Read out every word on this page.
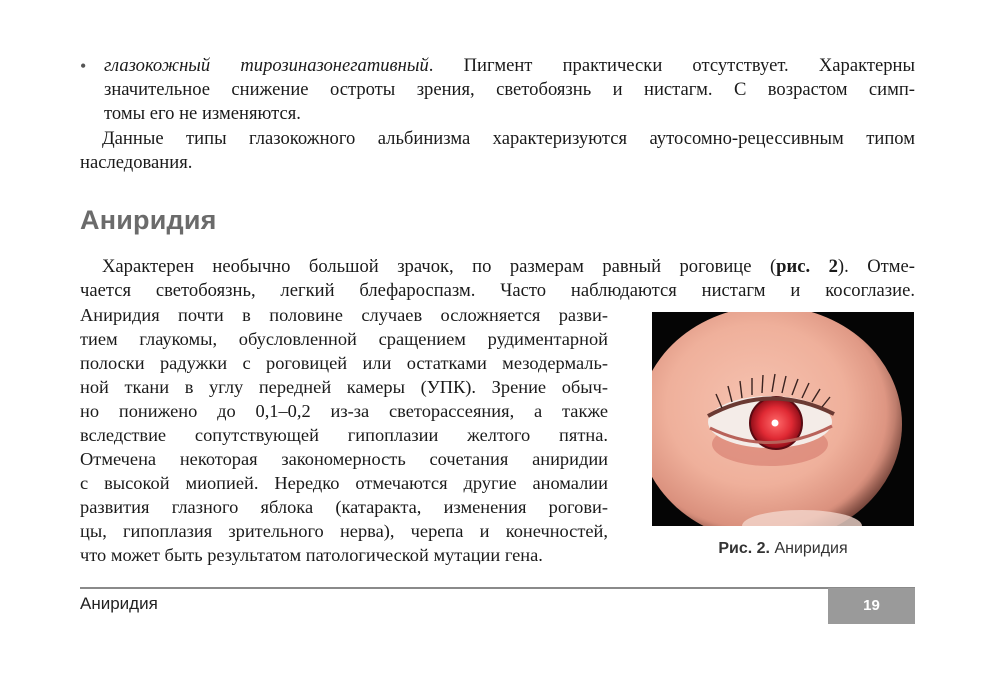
• глазокожный тирозиназонегативный. Пигмент практически отсутствует. Характерны
значительное снижение остроты зрения, светобоязнь и нистагм. С возрастом симп-
томы его не изменяются.
Данные типы глазокожного альбинизма характеризуются аутосомно-рецессивным типом
наследования.
Аниридия
Характерен необычно большой зрачок, по размерам равный роговице (рис. 2). Отме-
чается светобоязнь, легкий блефароспазм. Часто наблюдаются нистагм и косоглазие.
Аниридия почти в половине случаев осложняется разви-
тием глаукомы, обусловленной сращением рудиментарной
полоски радужки с роговицей или остатками мезодермаль-
ной ткани в углу передней камеры (УПК). Зрение обыч-
но понижено до 0,1–0,2 из-за светорассеяния, а также
вследствие сопутствующей гипоплазии желтого пятна.
Отмечена некоторая закономерность сочетания аниридии
с высокой миопией. Нередко отмечаются другие аномалии
развития глазного яблока (катаракта, изменения рогови-
цы, гипоплазия зрительного нерва), черепа и конечностей,
что может быть результатом патологической мутации гена.	Рис. 2. Аниридия
Аниридия	19
